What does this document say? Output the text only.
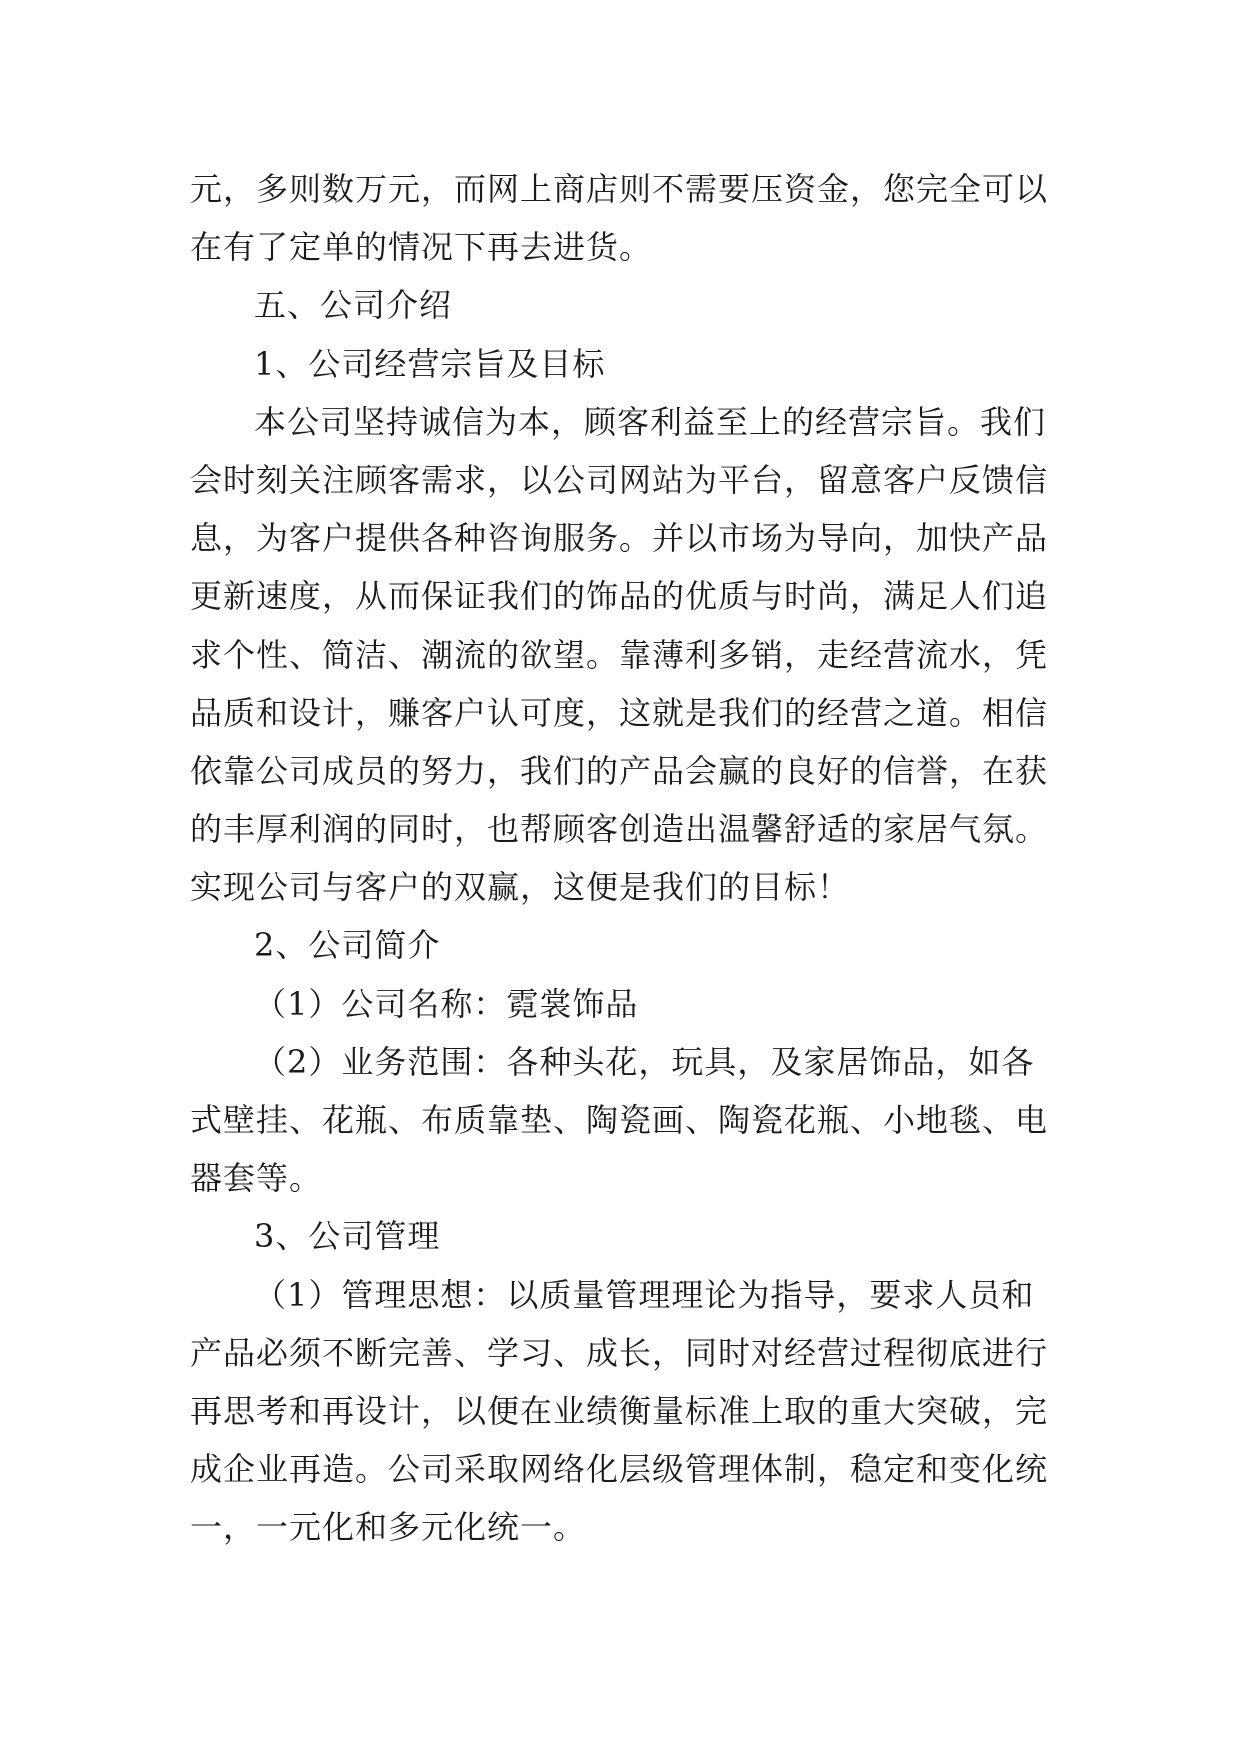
元，多则数万元，而网上商店则不需要压资金，您完全可以

在有了定单的情况下再去进货。

五、公司介绍

1、公司经营宗旨及目标

本公司坚持诚信为本，顾客利益至上的经营宗旨。我们

会时刻关注顾客需求，以公司网站为平台，留意客户反馈信

息，为客户提供各种咨询服务。并以市场为导向，加快产品

更新速度，从而保证我们的饰品的优质与时尚，满足人们追

求个性、简洁、潮流的欲望。靠薄利多销，走经营流水，凭

品质和设计，赚客户认可度，这就是我们的经营之道。相信

依靠公司成员的努力，我们的产品会赢的良好的信誉，在获

的丰厚利润的同时，也帮顾客创造出温馨舒适的家居气氛。

实现公司与客户的双赢，这便是我们的目标！

2、公司简介

（1）公司名称：霓裳饰品

（2）业务范围：各种头花，玩具，及家居饰品，如各

式壁挂、花瓶、布质靠垫、陶瓷画、陶瓷花瓶、小地毯、电

器套等。

3、公司管理

（1）管理思想：以质量管理理论为指导，要求人员和

产品必须不断完善、学习、成长，同时对经营过程彻底进行

再思考和再设计，以便在业绩衡量标准上取的重大突破，完

成企业再造。公司采取网络化层级管理体制，稳定和变化统

一，一元化和多元化统一。
